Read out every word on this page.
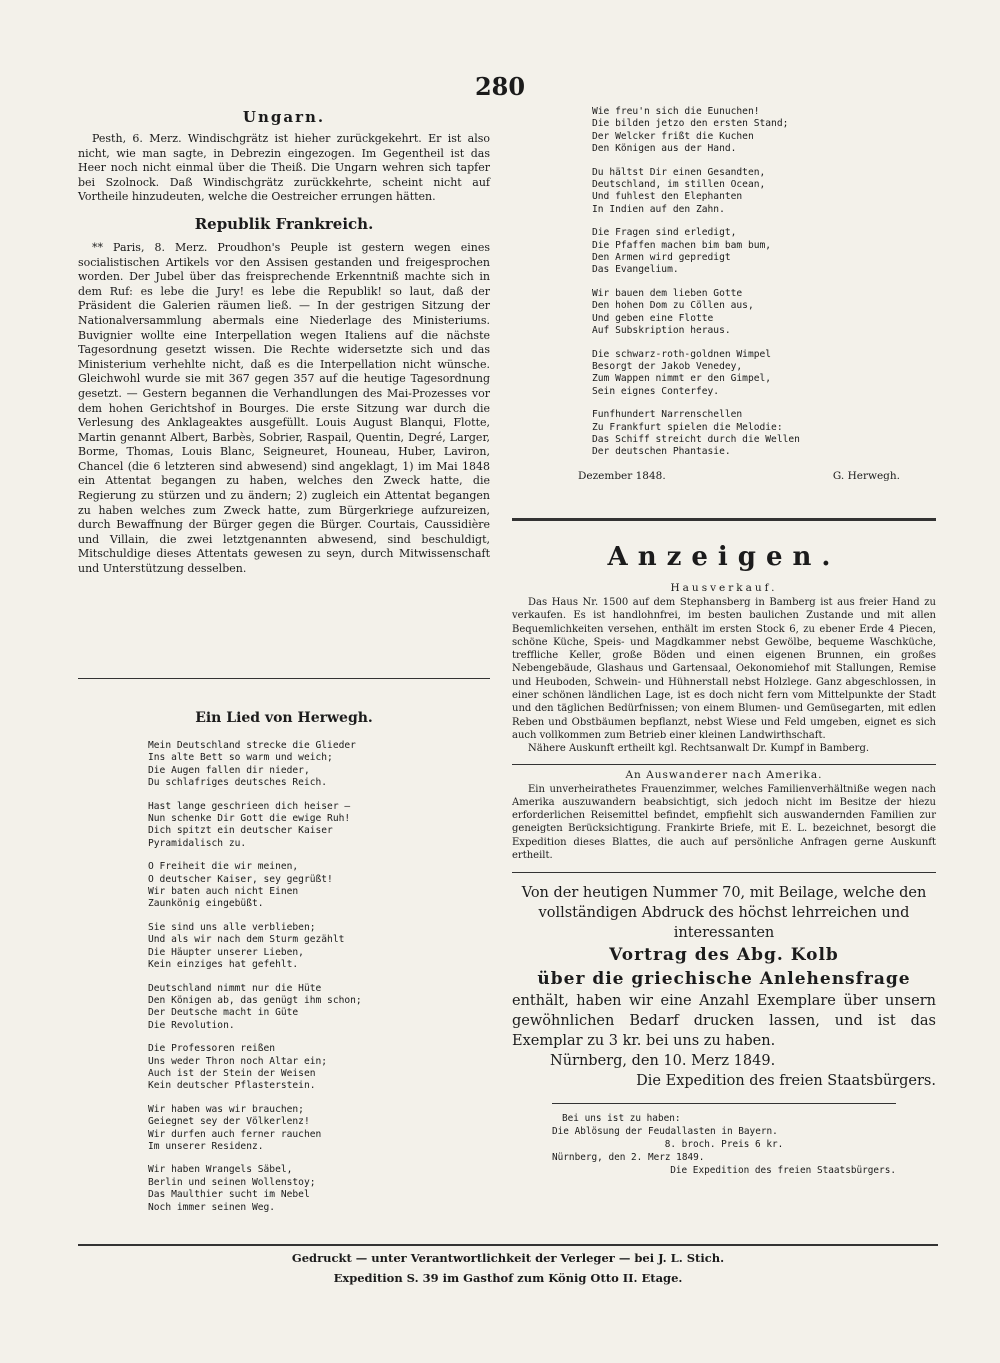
280
Ungarn.

Pesth, 6. Merz. Windischgrätz ist hieher zurückgekehrt. Er ist also nicht, wie man sagte, in Debrezin eingezogen. Im Gegentheil ist das Heer noch nicht einmal über die Theiß. Die Ungarn wehren sich tapfer bei Szolnock. Daß Windischgrätz zurückkehrte, scheint nicht auf Vortheile hinzudeuten, welche die Oestreicher errungen hätten.

Republik Frankreich.

** Paris, 8. Merz. Proudhon's Peuple ist gestern wegen eines socialistischen Artikels vor den Assisen gestanden und freigesprochen worden. Der Jubel über das freisprechende Erkenntniß machte sich in dem Ruf: es lebe die Jury! es lebe die Republik! so laut, daß der Präsident die Galerien räumen ließ. — In der gestrigen Sitzung der Nationalversammlung abermals eine Niederlage des Ministeriums. Buvignier wollte eine Interpellation wegen Italiens auf die nächste Tagesordnung gesetzt wissen. Die Rechte widersetzte sich und das Ministerium verhehlte nicht, daß es die Interpellation nicht wünsche. Gleichwohl wurde sie mit 367 gegen 357 auf die heutige Tagesordnung gesetzt. — Gestern begannen die Verhandlungen des Mai-Prozesses vor dem hohen Gerichtshof in Bourges. Die erste Sitzung war durch die Verlesung des Anklageaktes ausgefüllt. Louis August Blanqui, Flotte, Martin genannt Albert, Barbès, Sobrier, Raspail, Quentin, Degré, Larger, Borme, Thomas, Louis Blanc, Seigneuret, Houneau, Huber, Laviron, Chancel (die 6 letzteren sind abwesend) sind angeklagt, 1) im Mai 1848 ein Attentat begangen zu haben, welches den Zweck hatte, die Regierung zu stürzen und zu ändern; 2) zugleich ein Attentat begangen zu haben welches zum Zweck hatte, zum Bürgerkriege aufzureizen, durch Bewaffnung der Bürger gegen die Bürger. Courtais, Caussidière und Villain, die zwei letztgenannten abwesend, sind beschuldigt, Mitschuldige dieses Attentats gewesen zu seyn, durch Mitwissenschaft und Unterstützung desselben.

Ein Lied von Herwegh.
Mein Deutschland strecke die Glieder
Ins alte Bett so warm und weich;
Die Augen fallen dir nieder,
Du schlafriges deutsches Reich.
Hast lange geschrieen dich heiser —
Nun schenke Dir Gott die ewige Ruh!
Dich spitzt ein deutscher Kaiser
Pyramidalisch zu.
O Freiheit die wir meinen,
O deutscher Kaiser, sey gegrüßt!
Wir baten auch nicht Einen
Zaunkönig eingebüßt.
Sie sind uns alle verblieben;
Und als wir nach dem Sturm gezählt
Die Häupter unserer Lieben,
Kein einziges hat gefehlt.
Deutschland nimmt nur die Hüte
Den Königen ab, das genügt ihm schon;
Der Deutsche macht in Güte
Die Revolution.
Die Professoren reißen
Uns weder Thron noch Altar ein;
Auch ist der Stein der Weisen
Kein deutscher Pflasterstein.
Wir haben was wir brauchen;
Geiegnet sey der Völkerlenz!
Wir durfen auch ferner rauchen
Im unserer Residenz.
Wir haben Wrangels Säbel,
Berlin und seinen Wollenstoy;
Das Maulthier sucht im Nebel
Noch immer seinen Weg.
Wie freu'n sich die Eunuchen!
Die bilden jetzo den ersten Stand;
Der Welcker frißt die Kuchen
Den Königen aus der Hand.
Du hältst Dir einen Gesandten,
Deutschland, im stillen Ocean,
Und fuhlest den Elephanten
In Indien auf den Zahn.
Die Fragen sind erledigt,
Die Pfaffen machen bim bam bum,
Den Armen wird gepredigt
Das Evangelium.
Wir bauen dem lieben Gotte
Den hohen Dom zu Cöllen aus,
Und geben eine Flotte
Auf Subskription heraus.
Die schwarz-roth-goldnen Wimpel
Besorgt der Jakob Venedey,
Zum Wappen nimmt er den Gimpel,
Sein eignes Conterfey.
Funfhundert Narrenschellen
Zu Frankfurt spielen die Melodie:
Das Schiff streicht durch die Wellen
Der deutschen Phantasie.
Dezember 1848.	G. Herwegh.
Anzeigen.
Hausverkauf.

Das Haus Nr. 1500 auf dem Stephansberg in Bamberg ist aus freier Hand zu verkaufen. Es ist handlohnfrei, im besten baulichen Zustande und mit allen Bequemlichkeiten versehen, enthält im ersten Stock 6, zu ebener Erde 4 Piecen, schöne Küche, Speis- und Magdkammer nebst Gewölbe, bequeme Waschküche, treffliche Keller, große Böden und einen eigenen Brunnen, ein großes Nebengebäude, Glashaus und Gartensaal, Oekonomiehof mit Stallungen, Remise und Heuboden, Schwein- und Hühnerstall nebst Holzlege. Ganz abgeschlossen, in einer schönen ländlichen Lage, ist es doch nicht fern vom Mittelpunkte der Stadt und den täglichen Bedürfnissen; von einem Blumen- und Gemüsegarten, mit edlen Reben und Obstbäumen bepflanzt, nebst Wiese und Feld umgeben, eignet es sich auch vollkommen zum Betrieb einer kleinen Landwirthschaft.

Nähere Auskunft ertheilt kgl. Rechtsanwalt Dr. Kumpf in Bamberg.

An Auswanderer nach Amerika.

Ein unverheirathetes Frauenzimmer, welches Familienverhältniße wegen nach Amerika auszuwandern beabsichtigt, sich jedoch nicht im Besitze der hiezu erforderlichen Reisemittel befindet, empfiehlt sich auswandernden Familien zur geneigten Berücksichtigung. Frankirte Briefe, mit E. L. bezeichnet, besorgt die Expedition dieses Blattes, die auch auf persönliche Anfragen gerne Auskunft ertheilt.

Von der heutigen Nummer 70, mit Beilage, welche den vollständigen Abdruck des höchst lehrreichen und interessanten

Vortrag des Abg. Kolb

über die griechische Anlehensfrage

enthält, haben wir eine Anzahl Exemplare über unsern gewöhnlichen Bedarf drucken lassen, und ist das Exemplar zu 3 kr. bei uns zu haben.

Nürnberg, den 10. Merz 1849.

Die Expedition des freien Staatsbürgers.

Bei uns ist zu haben:
Die Ablösung der Feudallasten in Bayern.
8. broch. Preis 6 kr.
Nürnberg, den 2. Merz 1849.
Die Expedition des freien Staatsbürgers.
Gedruckt — unter Verantwortlichkeit der Verleger — bei J. L. Stich.
Expedition S. 39 im Gasthof zum König Otto II. Etage.
